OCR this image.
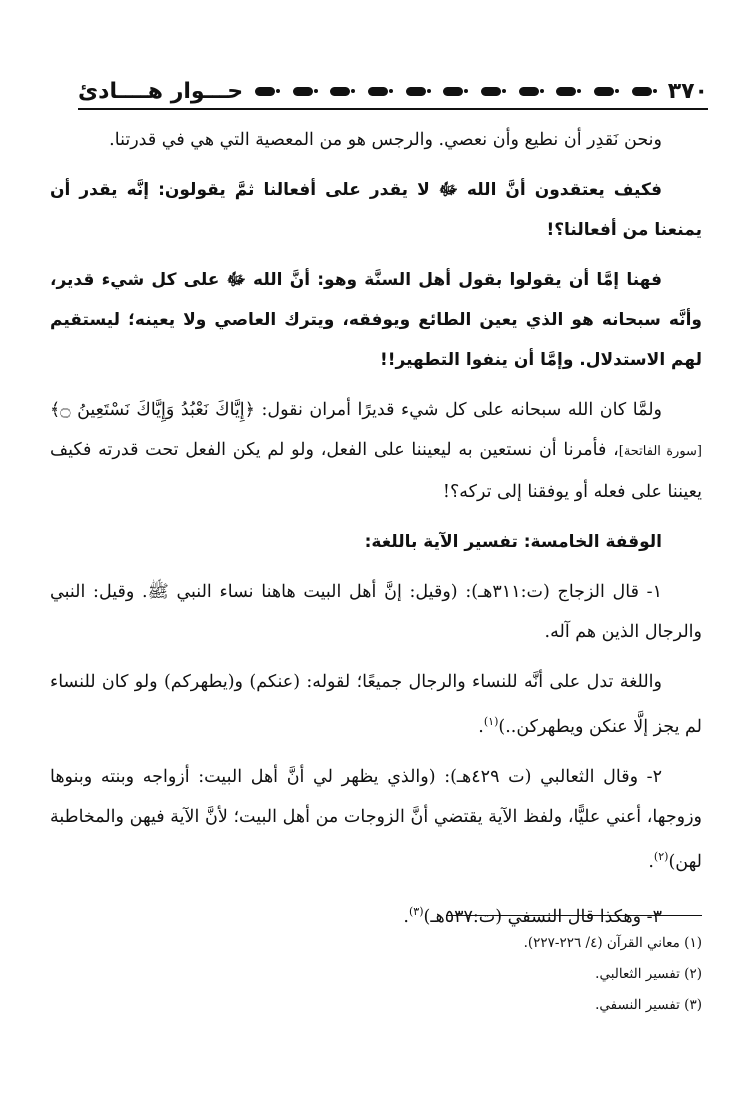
٣٧٠
حـــوار هــــادئ

ونحن نَقدِر أن نطيع وأن نعصي. والرجس هو من المعصية التي هي في قدرتنا.

فكيف يعتقدون أنَّ الله ﷻ لا يقدر على أفعالنا ثمَّ يقولون: إنَّه يقدر أن يمنعنا من أفعالنا؟!

فهنا إمَّا أن يقولوا بقول أهل السنَّة وهو: أنَّ الله ﷻ على كل شيء قدير، وأنَّه سبحانه هو الذي يعين الطائع ويوفقه، ويترك العاصي ولا يعينه؛ ليستقيم لهم الاستدلال. وإمَّا أن ينفوا التطهير!!

ولمَّا كان الله سبحانه على كل شيء قديرًا أمران نقول: ﴿إِيَّاكَ نَعْبُدُ وَإِيَّاكَ نَسْتَعِينُ ۝﴾ [سورة الفاتحة]، فأمرنا أن نستعين به ليعيننا على الفعل، ولو لم يكن الفعل تحت قدرته فكيف يعيننا على فعله أو يوفقنا إلى تركه؟!

الوقفة الخامسة: تفسير الآية باللغة:

١- قال الزجاج (ت:٣١١هـ): (وقيل: إنَّ أهل البيت هاهنا نساء النبي ﷺ. وقيل: النبي والرجال الذين هم آله.

واللغة تدل على أنَّه للنساء والرجال جميعًا؛ لقوله: (عنكم) و(يطهركم) ولو كان للنساء لم يجز إلَّا عنكن ويطهركن..)$^{(١)}$.

٢- وقال الثعالبي (ت ٤٢٩هـ): (والذي يظهر لي أنَّ أهل البيت: أزواجه وبنته وبنوها وزوجها، أعني عليًّا، ولفظ الآية يقتضي أنَّ الزوجات من أهل البيت؛ لأنَّ الآية فيهن والمخاطبة لهن)$^{(٢)}$.

٣- وهكذا قال النسفي (ت:٥٣٧هـ)$^{(٣)}$.

(١) معاني القرآن (٤/ ٢٢٦-٢٢٧).

(٢) تفسير الثعالبي.

(٣) تفسير النسفي.
